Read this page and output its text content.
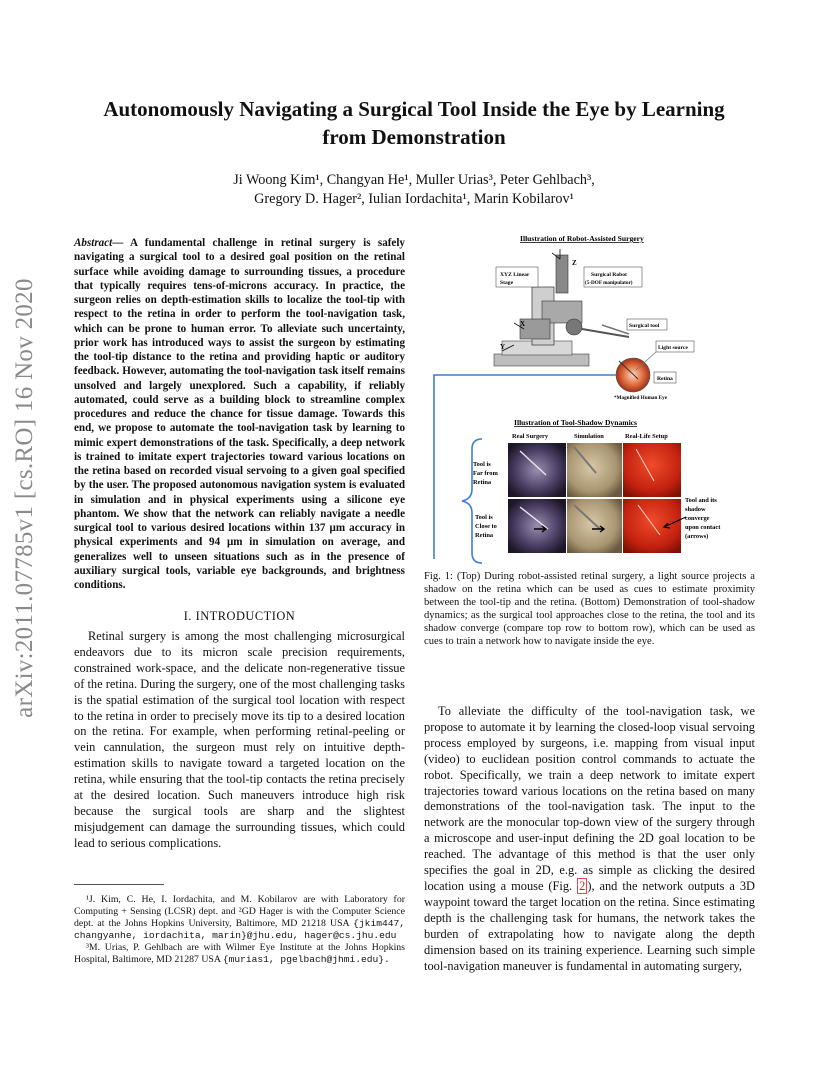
arXiv:2011.07785v1 [cs.RO] 16 Nov 2020
Autonomously Navigating a Surgical Tool Inside the Eye by Learning
from Demonstration
Ji Woong Kim¹, Changyan He¹, Muller Urias³, Peter Gehlbach³,
Gregory D. Hager², Iulian Iordachita¹, Marin Kobilarov¹
Abstract— A fundamental challenge in retinal surgery is safely navigating a surgical tool to a desired goal position on the retinal surface while avoiding damage to surrounding tissues, a procedure that typically requires tens-of-microns accuracy. In practice, the surgeon relies on depth-estimation skills to localize the tool-tip with respect to the retina in order to perform the tool-navigation task, which can be prone to human error. To alleviate such uncertainty, prior work has introduced ways to assist the surgeon by estimating the tool-tip distance to the retina and providing haptic or auditory feedback. However, automating the tool-navigation task itself remains unsolved and largely unexplored. Such a capability, if reliably automated, could serve as a building block to streamline complex procedures and reduce the chance for tissue damage. Towards this end, we propose to automate the tool-navigation task by learning to mimic expert demonstrations of the task. Specifically, a deep network is trained to imitate expert trajectories toward various locations on the retina based on recorded visual servoing to a given goal specified by the user. The proposed autonomous navigation system is evaluated in simulation and in physical experiments using a silicone eye phantom. We show that the network can reliably navigate a needle surgical tool to various desired locations within 137 μm accuracy in physical experiments and 94 μm in simulation on average, and generalizes well to unseen situations such as in the presence of auxiliary surgical tools, variable eye backgrounds, and brightness conditions.
I. INTRODUCTION
Retinal surgery is among the most challenging microsurgical endeavors due to its micron scale precision requirements, constrained work-space, and the delicate non-regenerative tissue of the retina. During the surgery, one of the most challenging tasks is the spatial estimation of the surgical tool location with respect to the retina in order to precisely move its tip to a desired location on the retina. For example, when performing retinal-peeling or vein cannulation, the surgeon must rely on intuitive depth-estimation skills to navigate toward a targeted location on the retina, while ensuring that the tool-tip contacts the retina precisely at the desired location. Such maneuvers introduce high risk because the surgical tools are sharp and the slightest misjudgement can damage the surrounding tissues, which could lead to serious complications.

¹J. Kim, C. He, I. Iordachita, and M. Kobilarov are with Laboratory for Computing + Sensing (LCSR) dept. and ²GD Hager is with the Computer Science dept. at the Johns Hopkins University, Baltimore, MD 21218 USA {jkim447, changyanhe, iordachita, marin}@jhu.edu, hager@cs.jhu.edu

³M. Urias, P. Gehlbach are with Wilmer Eye Institute at the Johns Hopkins Hospital, Baltimore, MD 21287 USA {murias1, pgelbach@jhmi.edu}.

Illustration of Robot-Assisted Surgery
Z
X
Y
XYZ Linear
Stage
Surgical Robot
(5-DOF manipulator)
Surgical tool
Light source
Retina
*Magnified Human Eye
Illustration of Tool-Shadow Dynamics
Real Surgery	Simulation	Real-Life Setup
Tool is
Far from
Retina
Tool is
Close to
Retina
Tool and its
shadow
converge
upon contact
(arrows)
Fig. 1: (Top) During robot-assisted retinal surgery, a light source projects a shadow on the retina which can be used as cues to estimate proximity between the tool-tip and the retina. (Bottom) Demonstration of tool-shadow dynamics; as the surgical tool approaches close to the retina, the tool and its shadow converge (compare top row to bottom row), which can be used as cues to train a network how to navigate inside the eye.
To alleviate the difficulty of the tool-navigation task, we propose to automate it by learning the closed-loop visual servoing process employed by surgeons, i.e. mapping from visual input (video) to euclidean position control commands to actuate the robot. Specifically, we train a deep network to imitate expert trajectories toward various locations on the retina based on many demonstrations of the tool-navigation task. The input to the network are the monocular top-down view of the surgery through a microscope and user-input defining the 2D goal location to be reached. The advantage of this method is that the user only specifies the goal in 2D, e.g. as simple as clicking the desired location using a mouse (Fig. 2 ), and the network outputs a 3D waypoint toward the target location on the retina. Since estimating depth is the challenging task for humans, the network takes the burden of extrapolating how to navigate along the depth dimension based on its training experience. Learning such simple tool-navigation maneuver is fundamental in automating surgery,
